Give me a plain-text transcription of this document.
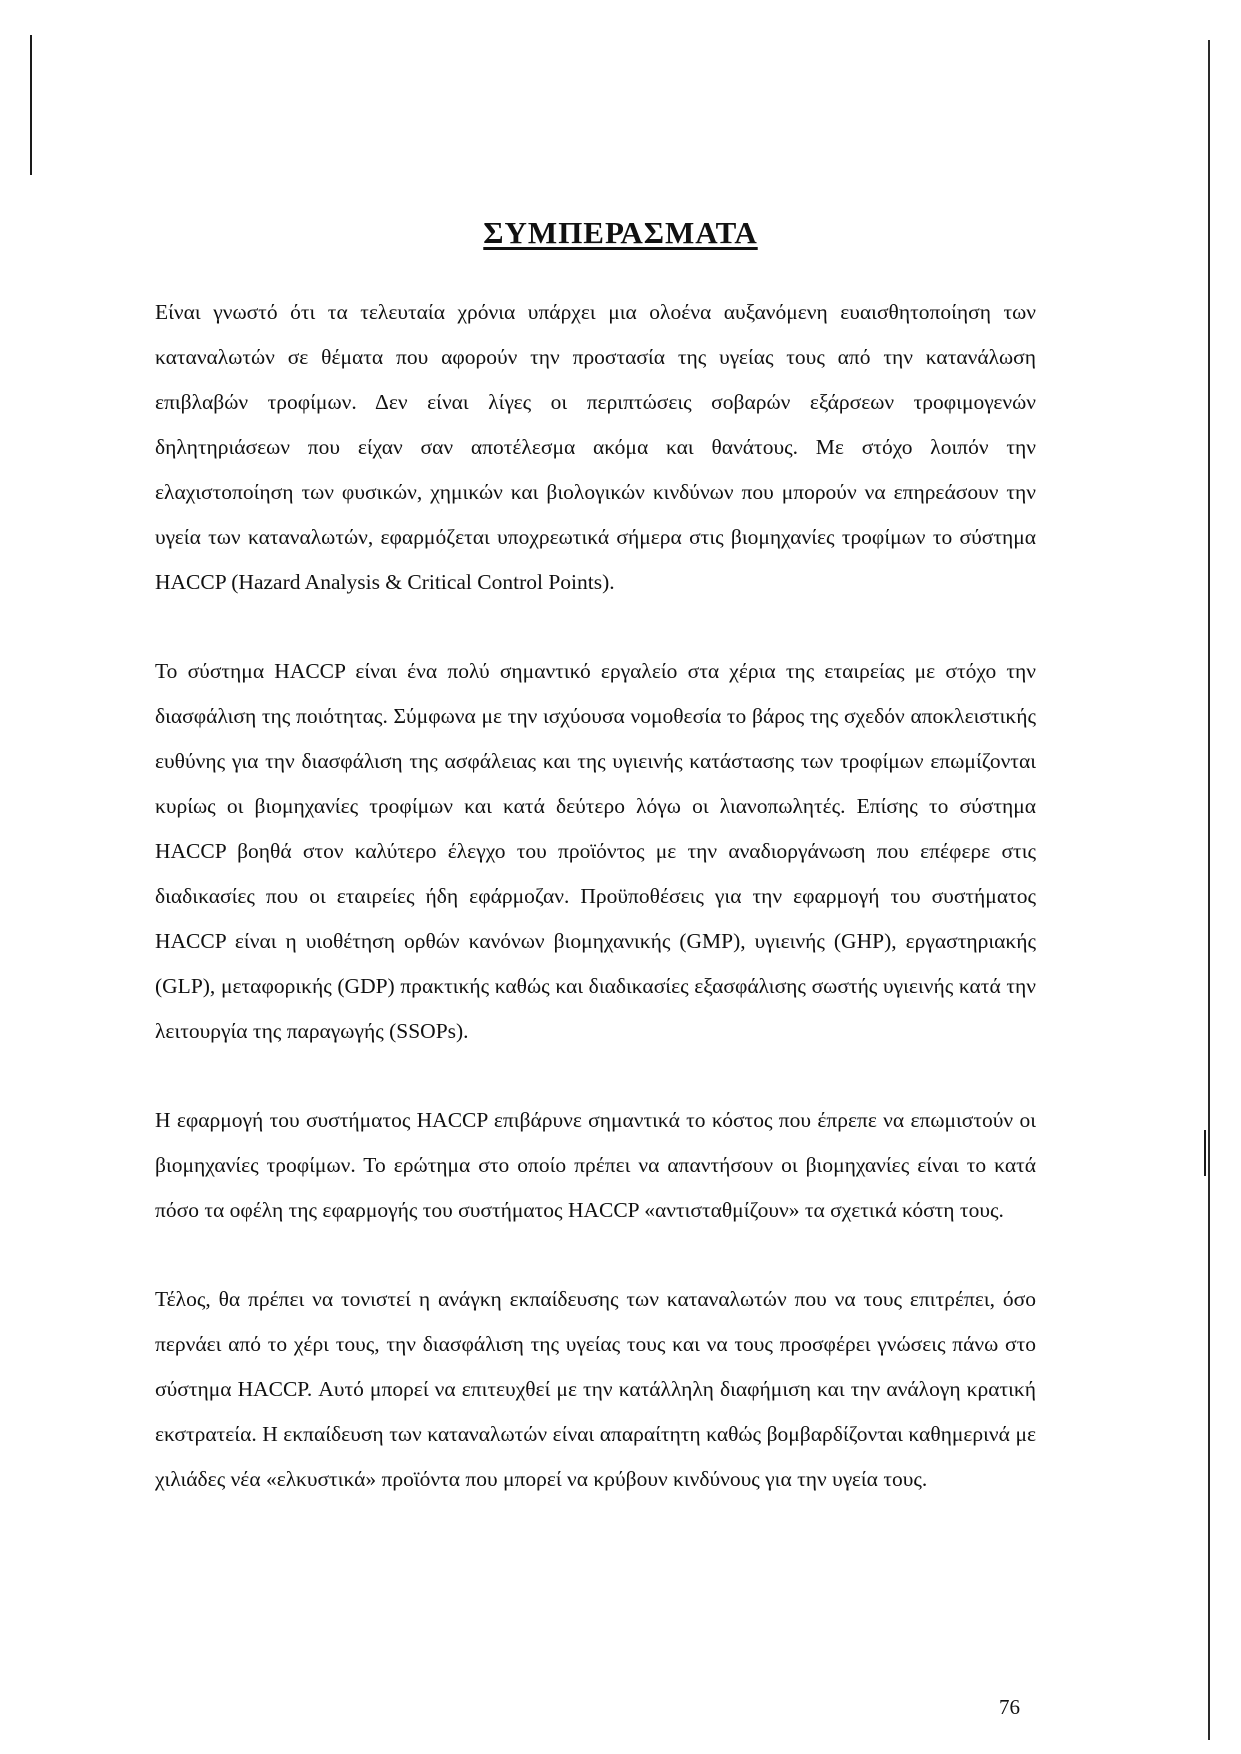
ΣΥΜΠΕΡΑΣΜΑΤΑ

Είναι γνωστό ότι τα τελευταία χρόνια υπάρχει μια ολοένα αυξανόμενη ευαισθητοποίηση των καταναλωτών σε θέματα που αφορούν την προστασία της υγείας τους από την κατανάλωση επιβλαβών τροφίμων. Δεν είναι λίγες οι περιπτώσεις σοβαρών εξάρσεων τροφιμογενών δηλητηριάσεων που είχαν σαν αποτέλεσμα ακόμα και θανάτους. Με στόχο λοιπόν την ελαχιστοποίηση των φυσικών, χημικών και βιολογικών κινδύνων που μπορούν να επηρεάσουν την υγεία των καταναλωτών, εφαρμόζεται υποχρεωτικά σήμερα στις βιομηχανίες τροφίμων το σύστημα HACCP (Hazard Analysis & Critical Control Points).

Το σύστημα HACCP είναι ένα πολύ σημαντικό εργαλείο στα χέρια της εταιρείας με στόχο την διασφάλιση της ποιότητας. Σύμφωνα με την ισχύουσα νομοθεσία το βάρος της σχεδόν αποκλειστικής ευθύνης για την διασφάλιση της ασφάλειας και της υγιεινής κατάστασης των τροφίμων επωμίζονται κυρίως οι βιομηχανίες τροφίμων και κατά δεύτερο λόγω οι λιανοπωλητές. Επίσης το σύστημα HACCP βοηθά στον καλύτερο έλεγχο του προϊόντος με την αναδιοργάνωση που επέφερε στις διαδικασίες που οι εταιρείες ήδη εφάρμοζαν. Προϋποθέσεις για την εφαρμογή του συστήματος HACCP είναι η υιοθέτηση ορθών κανόνων βιομηχανικής (GMP), υγιεινής (GHP), εργαστηριακής (GLP), μεταφορικής (GDP) πρακτικής καθώς και διαδικασίες εξασφάλισης σωστής υγιεινής κατά την λειτουργία της παραγωγής (SSOPs).

Η εφαρμογή του συστήματος HACCP επιβάρυνε σημαντικά το κόστος που έπρεπε να επωμιστούν οι βιομηχανίες τροφίμων. Το ερώτημα στο οποίο πρέπει να απαντήσουν οι βιομηχανίες είναι το κατά πόσο τα οφέλη της εφαρμογής του συστήματος HACCP «αντισταθμίζουν» τα σχετικά κόστη τους.

Τέλος, θα πρέπει να τονιστεί η ανάγκη εκπαίδευσης των καταναλωτών που να τους επιτρέπει, όσο περνάει από το χέρι τους, την διασφάλιση της υγείας τους και να τους προσφέρει γνώσεις πάνω στο σύστημα HACCP. Αυτό μπορεί να επιτευχθεί με την κατάλληλη διαφήμιση και την ανάλογη κρατική εκστρατεία. Η εκπαίδευση των καταναλωτών είναι απαραίτητη καθώς βομβαρδίζονται καθημερινά με χιλιάδες νέα «ελκυστικά» προϊόντα που μπορεί να κρύβουν κινδύνους για την υγεία τους.

76
